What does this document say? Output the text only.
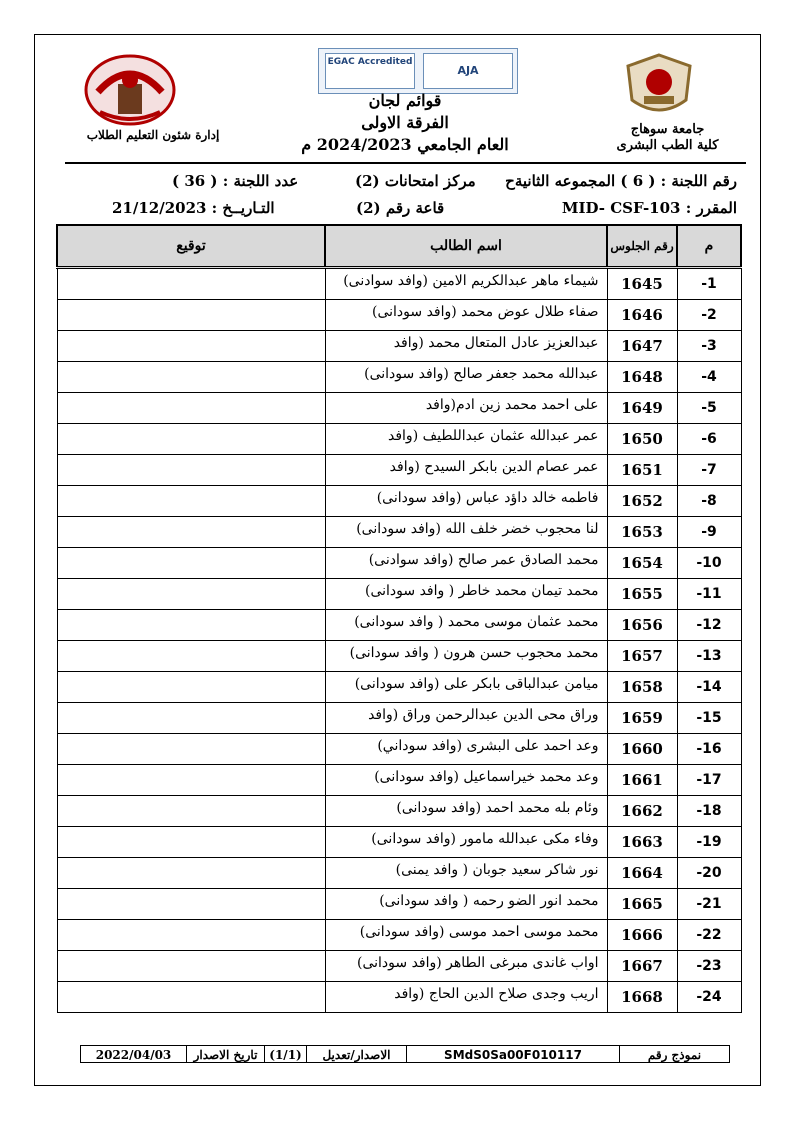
EGAC Accredited
AJA
قوائم لجان
الفرقة الاولى
العام الجامعي 2024/2023 م
إدارة شئون التعليم الطلاب	جامعة سوهاج
كلية الطب البشرى
رقم اللجنة : ( 6 ) المجموعه الثانيةح
مركز امتحانات (2)
عدد اللجنة : ( 36 )
المقرر : MID- CSF-103
قاعة رقم (2)
التـاريــخ : 21/12/2023
توقيع	اسم الطالب	رقم الجلوس	م
	شيماء ماهر عبدالكريم الامين (وافد سوادنى)	1645	-1
	صفاء طلال عوض محمد (وافد سودانى)	1646	-2
	عبدالعزيز عادل المتعال محمد (وافد	1647	-3
	عبدالله محمد جعفر صالح (وافد سودانى)	1648	-4
	على احمد محمد زين ادم(وافد	1649	-5
	عمر عبدالله عثمان عبداللطيف (وافد	1650	-6
	عمر عصام الدين بابكر السيدح (وافد	1651	-7
	فاطمه خالد داؤد عباس (وافد سودانى)	1652	-8
	لنا محجوب خضر خلف الله (وافد سودانى)	1653	-9
	محمد الصادق عمر صالح (وافد سوادنى)	1654	-10
	محمد تيمان محمد خاطر ( وافد سودانى)	1655	-11
	محمد عثمان موسى محمد ( وافد سودانى)	1656	-12
	محمد محجوب حسن هرون ( وافد سودانى)	1657	-13
	ميامن عبدالباقى بابكر على (وافد سودانى)	1658	-14
	وراق محى الدين عبدالرحمن وراق (وافد	1659	-15
	وعد احمد على البشرى (وافد سوداني)	1660	-16
	وعد محمد خيراسماعيل (وافد سودانى)	1661	-17
	وئام بله محمد احمد (وافد سودانى)	1662	-18
	وفاء مكى عبدالله مامور (وافد سودانى)	1663	-19
	نور شاكر سعيد جوبان ( وافد يمنى)	1664	-20
	محمد انور الضو رحمه ( وافد سودانى)	1665	-21
	محمد موسى احمد موسى (وافد سودانى)	1666	-22
	اواب غاندى مبرغى الطاهر (وافد سودانى)	1667	-23
	اريب وجدى صلاح الدين الحاج (وافد	1668	-24
2022/04/03	تاريخ الاصدار (1/1)	الاصدار/تعديل	SMdS0Sa00F010117	نموذج رقم
